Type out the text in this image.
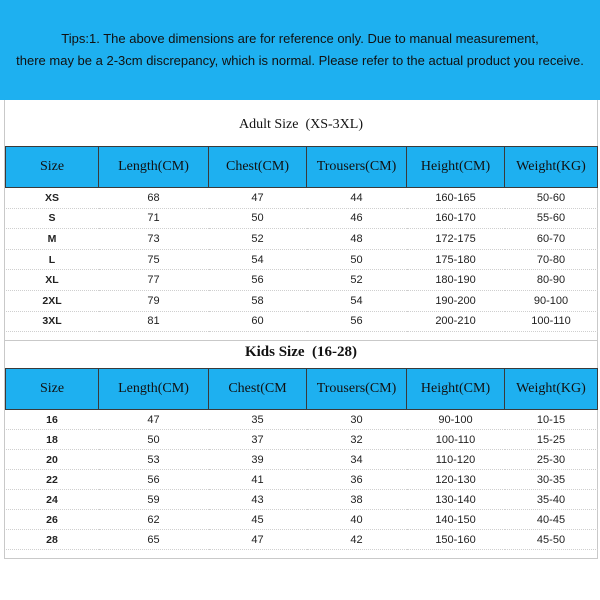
Tips:1. The above dimensions are for reference only. Due to manual measurement,
there may be a 2-3cm discrepancy, which is normal. Please refer to the actual product you receive.
Adult Size  (XS-3XL)
Size	Length(CM)	Chest(CM)	Trousers(CM)	Height(CM)	Weight(KG)
XS	68	47	44	160-165	50-60
S	71	50	46	160-170	55-60
M	73	52	48	172-175	60-70
L	75	54	50	175-180	70-80
XL	77	56	52	180-190	80-90
2XL	79	58	54	190-200	90-100
3XL	81	60	56	200-210	100-110
Kids Size  (16-28)
Size	Length(CM)	Chest(CM	Trousers(CM)	Height(CM)	Weight(KG)
16	47	35	30	90-100	10-15
18	50	37	32	100-110	15-25
20	53	39	34	110-120	25-30
22	56	41	36	120-130	30-35
24	59	43	38	130-140	35-40
26	62	45	40	140-150	40-45
28	65	47	42	150-160	45-50
